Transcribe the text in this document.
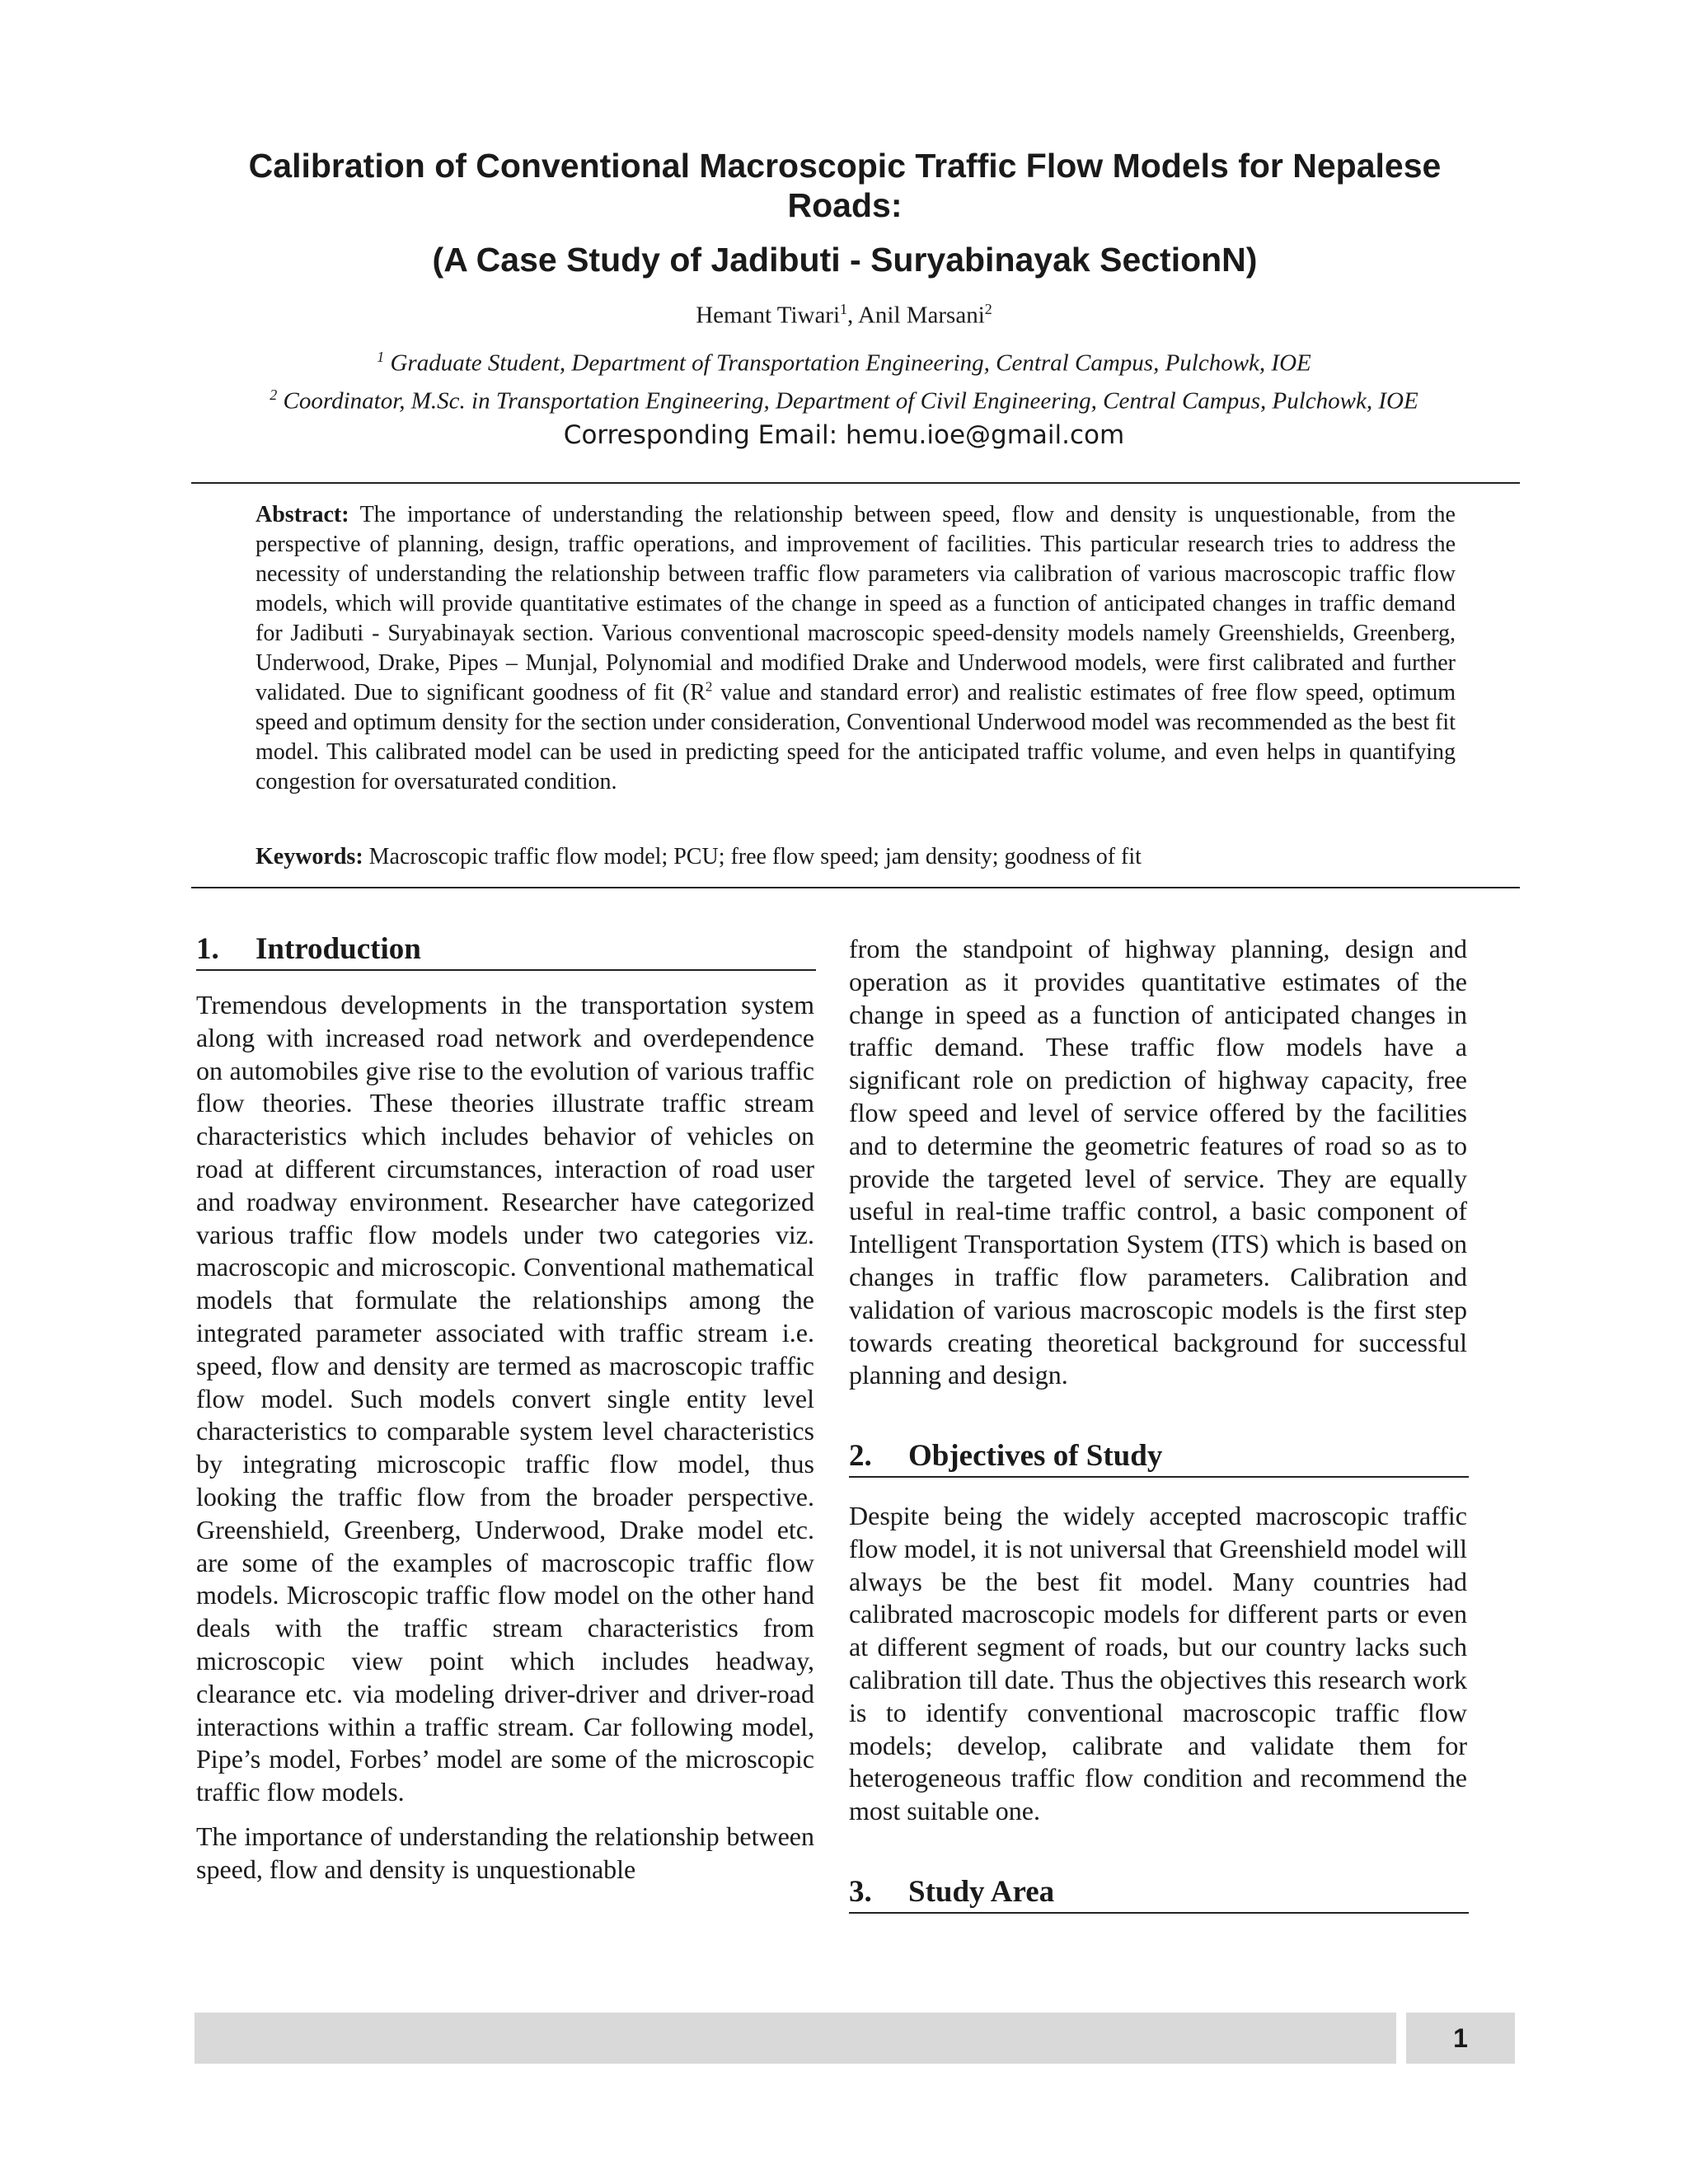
Calibration of Conventional Macroscopic Traffic Flow Models for Nepalese Roads:
(A Case Study of Jadibuti - Suryabinayak SectionN)
Hemant Tiwari$^1$, Anil Marsani$^2$
$^1$ Graduate Student, Department of Transportation Engineering, Central Campus, Pulchowk, IOE
$^2$ Coordinator, M.Sc. in Transportation Engineering, Department of Civil Engineering, Central Campus, Pulchowk, IOE
Corresponding Email: hemu.ioe@gmail.com

Abstract: The importance of understanding the relationship between speed, flow and density is unquestionable, from the perspective of planning, design, traffic operations, and improvement of facilities. This particular research tries to address the necessity of understanding the relationship between traffic flow parameters via calibration of various macroscopic traffic flow models, which will provide quantitative estimates of the change in speed as a function of anticipated changes in traffic demand for Jadibuti - Suryabinayak section. Various conventional macroscopic speed-density models namely Greenshields, Greenberg, Underwood, Drake, Pipes – Munjal, Polynomial and modified Drake and Underwood models, were first calibrated and further validated. Due to significant goodness of fit ($R^2$ value and standard error) and realistic estimates of free flow speed, optimum speed and optimum density for the section under consideration, Conventional Underwood model was recommended as the best fit model. This calibrated model can be used in predicting speed for the anticipated traffic volume, and even helps in quantifying congestion for oversaturated condition.

Keywords: Macroscopic traffic flow model; PCU; free flow speed; jam density; goodness of fit

1. Introduction

Tremendous developments in the transportation system along with increased road network and overdependence on automobiles give rise to the evolution of various traffic flow theories. These theories illustrate traffic stream characteristics which includes behavior of vehicles on road at different circumstances, interaction of road user and roadway environment. Researcher have categorized various traffic flow models under two categories viz. macroscopic and microscopic. Conventional mathematical models that formulate the relationships among the integrated parameter associated with traffic stream i.e. speed, flow and density are termed as macroscopic traffic flow model. Such models convert single entity level characteristics to comparable system level characteristics by integrating microscopic traffic flow model, thus looking the traffic flow from the broader perspective. Greenshield, Greenberg, Underwood, Drake model etc. are some of the examples of macroscopic traffic flow models. Microscopic traffic flow model on the other hand deals with the traffic stream characteristics from microscopic view point which includes headway, clearance etc. via modeling driver-driver and driver-road interactions within a traffic stream. Car following model, Pipe’s model, Forbes’ model are some of the microscopic traffic flow models.

The importance of understanding the relationship between speed, flow and density is unquestionable

from the standpoint of highway planning, design and operation as it provides quantitative estimates of the change in speed as a function of anticipated changes in traffic demand. These traffic flow models have a significant role on prediction of highway capacity, free flow speed and level of service offered by the facilities and to determine the geometric features of road so as to provide the targeted level of service. They are equally useful in real-time traffic control, a basic component of Intelligent Transportation System (ITS) which is based on changes in traffic flow parameters. Calibration and validation of various macroscopic models is the first step towards creating theoretical background for successful planning and design.

2. Objectives of Study

Despite being the widely accepted macroscopic traffic flow model, it is not universal that Greenshield model will always be the best fit model. Many countries had calibrated macroscopic models for different parts or even at different segment of roads, but our country lacks such calibration till date. Thus the objectives this research work is to identify conventional macroscopic traffic flow models; develop, calibrate and validate them for heterogeneous traffic flow condition and recommend the most suitable one.

3. Study Area
1
